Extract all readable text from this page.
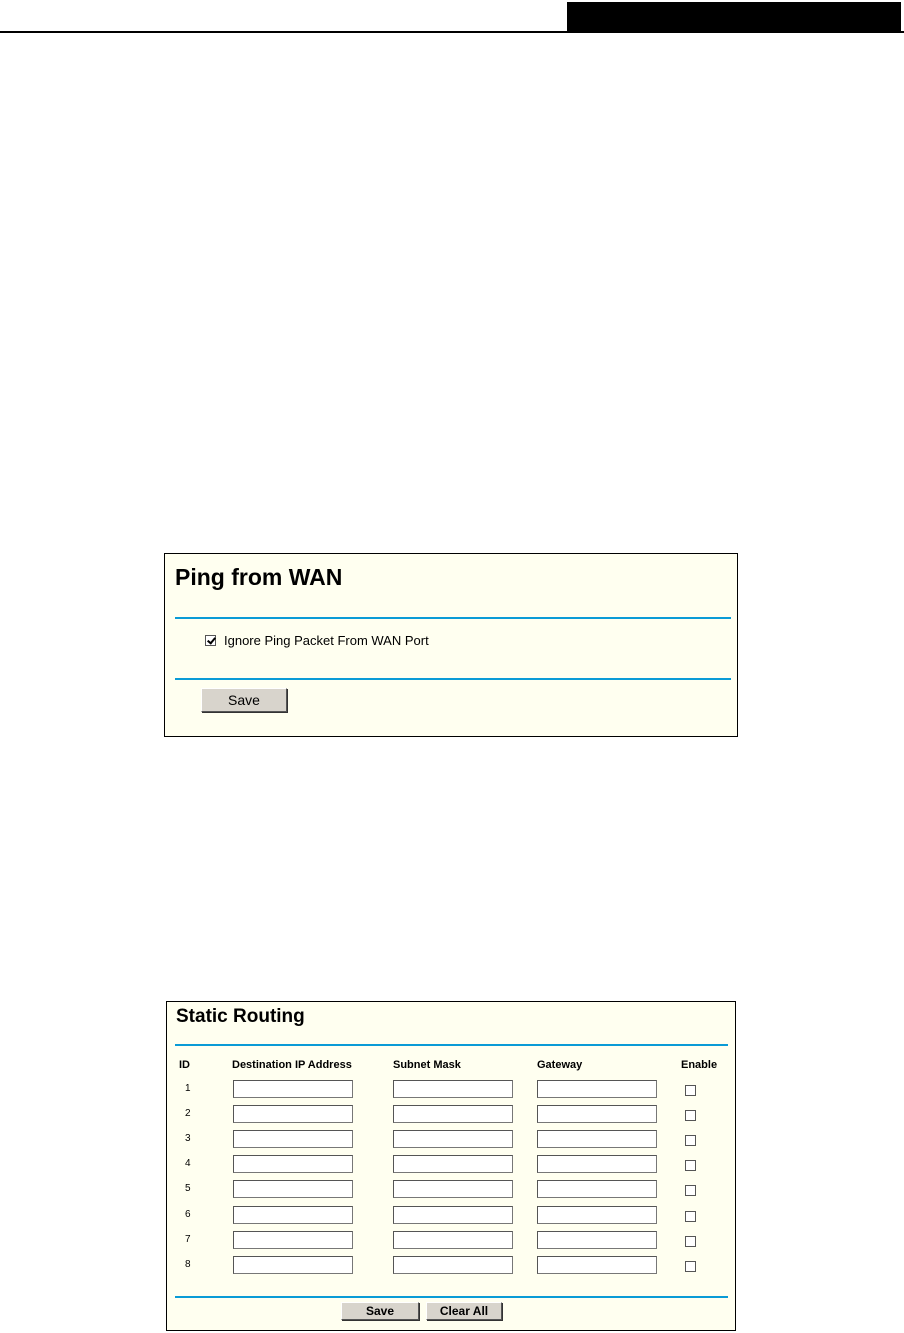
Ping from WAN
Ignore Ping Packet From WAN Port
Save
Static Routing
ID	Destination IP Address	Subnet Mask	Gateway	Enable
1
2
3
4
5
6
7
8
Save	Clear All
